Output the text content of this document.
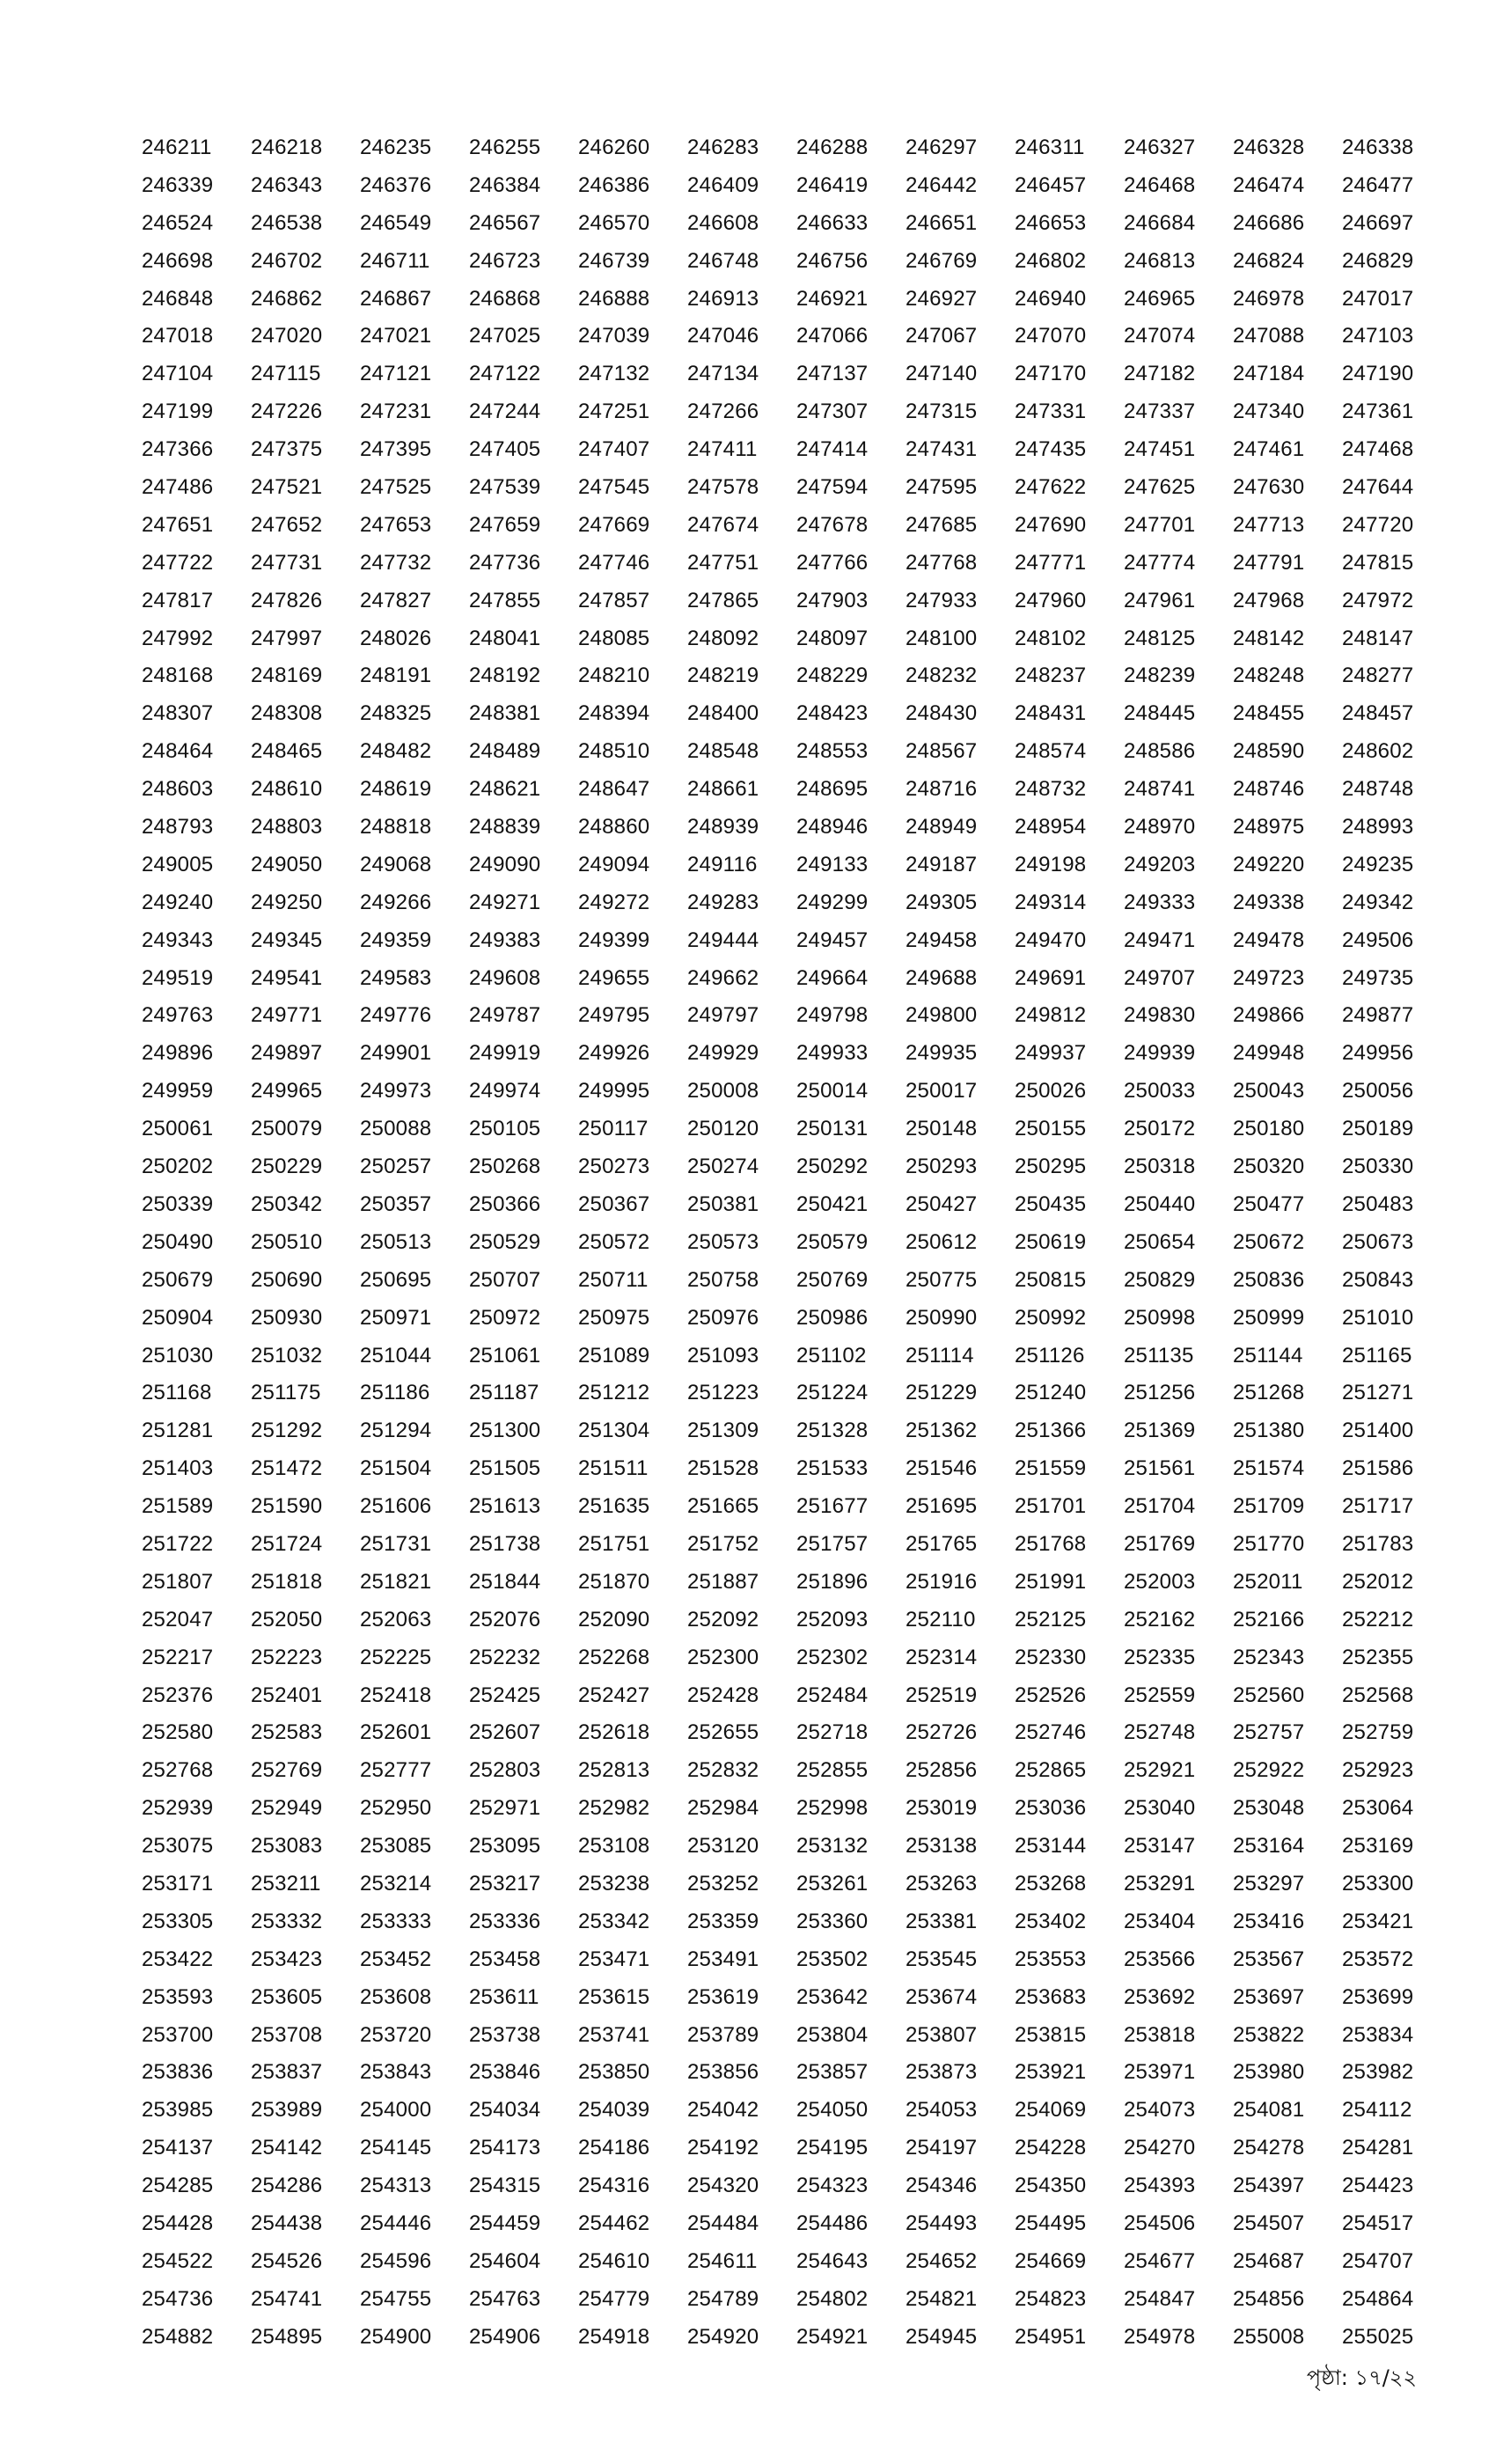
246211	246218	246235	246255	246260	246283	246288	246297	246311	246327	246328	246338
246339	246343	246376	246384	246386	246409	246419	246442	246457	246468	246474	246477
246524	246538	246549	246567	246570	246608	246633	246651	246653	246684	246686	246697
246698	246702	246711	246723	246739	246748	246756	246769	246802	246813	246824	246829
246848	246862	246867	246868	246888	246913	246921	246927	246940	246965	246978	247017
247018	247020	247021	247025	247039	247046	247066	247067	247070	247074	247088	247103
247104	247115	247121	247122	247132	247134	247137	247140	247170	247182	247184	247190
247199	247226	247231	247244	247251	247266	247307	247315	247331	247337	247340	247361
247366	247375	247395	247405	247407	247411	247414	247431	247435	247451	247461	247468
247486	247521	247525	247539	247545	247578	247594	247595	247622	247625	247630	247644
247651	247652	247653	247659	247669	247674	247678	247685	247690	247701	247713	247720
247722	247731	247732	247736	247746	247751	247766	247768	247771	247774	247791	247815
247817	247826	247827	247855	247857	247865	247903	247933	247960	247961	247968	247972
247992	247997	248026	248041	248085	248092	248097	248100	248102	248125	248142	248147
248168	248169	248191	248192	248210	248219	248229	248232	248237	248239	248248	248277
248307	248308	248325	248381	248394	248400	248423	248430	248431	248445	248455	248457
248464	248465	248482	248489	248510	248548	248553	248567	248574	248586	248590	248602
248603	248610	248619	248621	248647	248661	248695	248716	248732	248741	248746	248748
248793	248803	248818	248839	248860	248939	248946	248949	248954	248970	248975	248993
249005	249050	249068	249090	249094	249116	249133	249187	249198	249203	249220	249235
249240	249250	249266	249271	249272	249283	249299	249305	249314	249333	249338	249342
249343	249345	249359	249383	249399	249444	249457	249458	249470	249471	249478	249506
249519	249541	249583	249608	249655	249662	249664	249688	249691	249707	249723	249735
249763	249771	249776	249787	249795	249797	249798	249800	249812	249830	249866	249877
249896	249897	249901	249919	249926	249929	249933	249935	249937	249939	249948	249956
249959	249965	249973	249974	249995	250008	250014	250017	250026	250033	250043	250056
250061	250079	250088	250105	250117	250120	250131	250148	250155	250172	250180	250189
250202	250229	250257	250268	250273	250274	250292	250293	250295	250318	250320	250330
250339	250342	250357	250366	250367	250381	250421	250427	250435	250440	250477	250483
250490	250510	250513	250529	250572	250573	250579	250612	250619	250654	250672	250673
250679	250690	250695	250707	250711	250758	250769	250775	250815	250829	250836	250843
250904	250930	250971	250972	250975	250976	250986	250990	250992	250998	250999	251010
251030	251032	251044	251061	251089	251093	251102	251114	251126	251135	251144	251165
251168	251175	251186	251187	251212	251223	251224	251229	251240	251256	251268	251271
251281	251292	251294	251300	251304	251309	251328	251362	251366	251369	251380	251400
251403	251472	251504	251505	251511	251528	251533	251546	251559	251561	251574	251586
251589	251590	251606	251613	251635	251665	251677	251695	251701	251704	251709	251717
251722	251724	251731	251738	251751	251752	251757	251765	251768	251769	251770	251783
251807	251818	251821	251844	251870	251887	251896	251916	251991	252003	252011	252012
252047	252050	252063	252076	252090	252092	252093	252110	252125	252162	252166	252212
252217	252223	252225	252232	252268	252300	252302	252314	252330	252335	252343	252355
252376	252401	252418	252425	252427	252428	252484	252519	252526	252559	252560	252568
252580	252583	252601	252607	252618	252655	252718	252726	252746	252748	252757	252759
252768	252769	252777	252803	252813	252832	252855	252856	252865	252921	252922	252923
252939	252949	252950	252971	252982	252984	252998	253019	253036	253040	253048	253064
253075	253083	253085	253095	253108	253120	253132	253138	253144	253147	253164	253169
253171	253211	253214	253217	253238	253252	253261	253263	253268	253291	253297	253300
253305	253332	253333	253336	253342	253359	253360	253381	253402	253404	253416	253421
253422	253423	253452	253458	253471	253491	253502	253545	253553	253566	253567	253572
253593	253605	253608	253611	253615	253619	253642	253674	253683	253692	253697	253699
253700	253708	253720	253738	253741	253789	253804	253807	253815	253818	253822	253834
253836	253837	253843	253846	253850	253856	253857	253873	253921	253971	253980	253982
253985	253989	254000	254034	254039	254042	254050	254053	254069	254073	254081	254112
254137	254142	254145	254173	254186	254192	254195	254197	254228	254270	254278	254281
254285	254286	254313	254315	254316	254320	254323	254346	254350	254393	254397	254423
254428	254438	254446	254459	254462	254484	254486	254493	254495	254506	254507	254517
254522	254526	254596	254604	254610	254611	254643	254652	254669	254677	254687	254707
254736	254741	254755	254763	254779	254789	254802	254821	254823	254847	254856	254864
254882	254895	254900	254906	254918	254920	254921	254945	254951	254978	255008	255025
পৃষ্ঠা: ১৭/২২
